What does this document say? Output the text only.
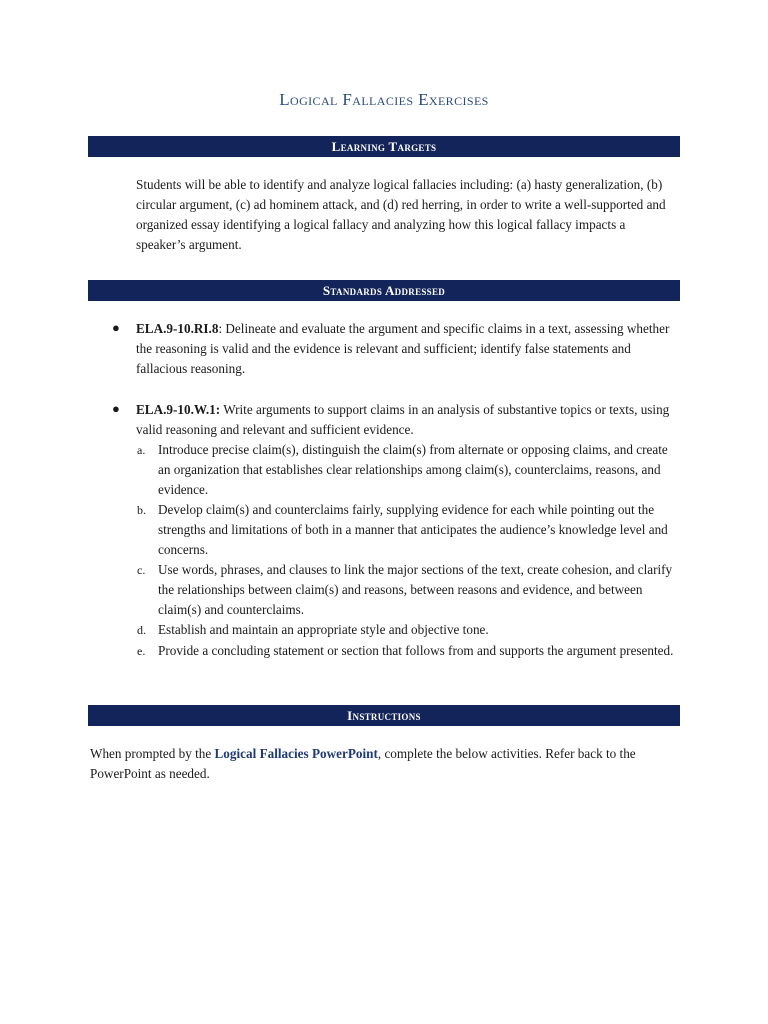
Logical Fallacies Exercises
Learning Targets
Students will be able to identify and analyze logical fallacies including: (a) hasty generalization, (b) circular argument, (c) ad hominem attack, and (d) red herring, in order to write a well-supported and organized essay identifying a logical fallacy and analyzing how this logical fallacy impacts a speaker’s argument.
Standards Addressed
● ELA.9-10.RI.8: Delineate and evaluate the argument and specific claims in a text, assessing whether the reasoning is valid and the evidence is relevant and sufficient; identify false statements and fallacious reasoning.
● ELA.9-10.W.1: Write arguments to support claims in an analysis of substantive topics or texts, using valid reasoning and relevant and sufficient evidence.
a. Introduce precise claim(s), distinguish the claim(s) from alternate or opposing claims, and create an organization that establishes clear relationships among claim(s), counterclaims, reasons, and evidence.
b. Develop claim(s) and counterclaims fairly, supplying evidence for each while pointing out the strengths and limitations of both in a manner that anticipates the audience’s knowledge level and concerns.
c. Use words, phrases, and clauses to link the major sections of the text, create cohesion, and clarify the relationships between claim(s) and reasons, between reasons and evidence, and between claim(s) and counterclaims.
d. Establish and maintain an appropriate style and objective tone.
e. Provide a concluding statement or section that follows from and supports the argument presented.
Instructions
When prompted by the Logical Fallacies PowerPoint, complete the below activities. Refer back to the PowerPoint as needed.
